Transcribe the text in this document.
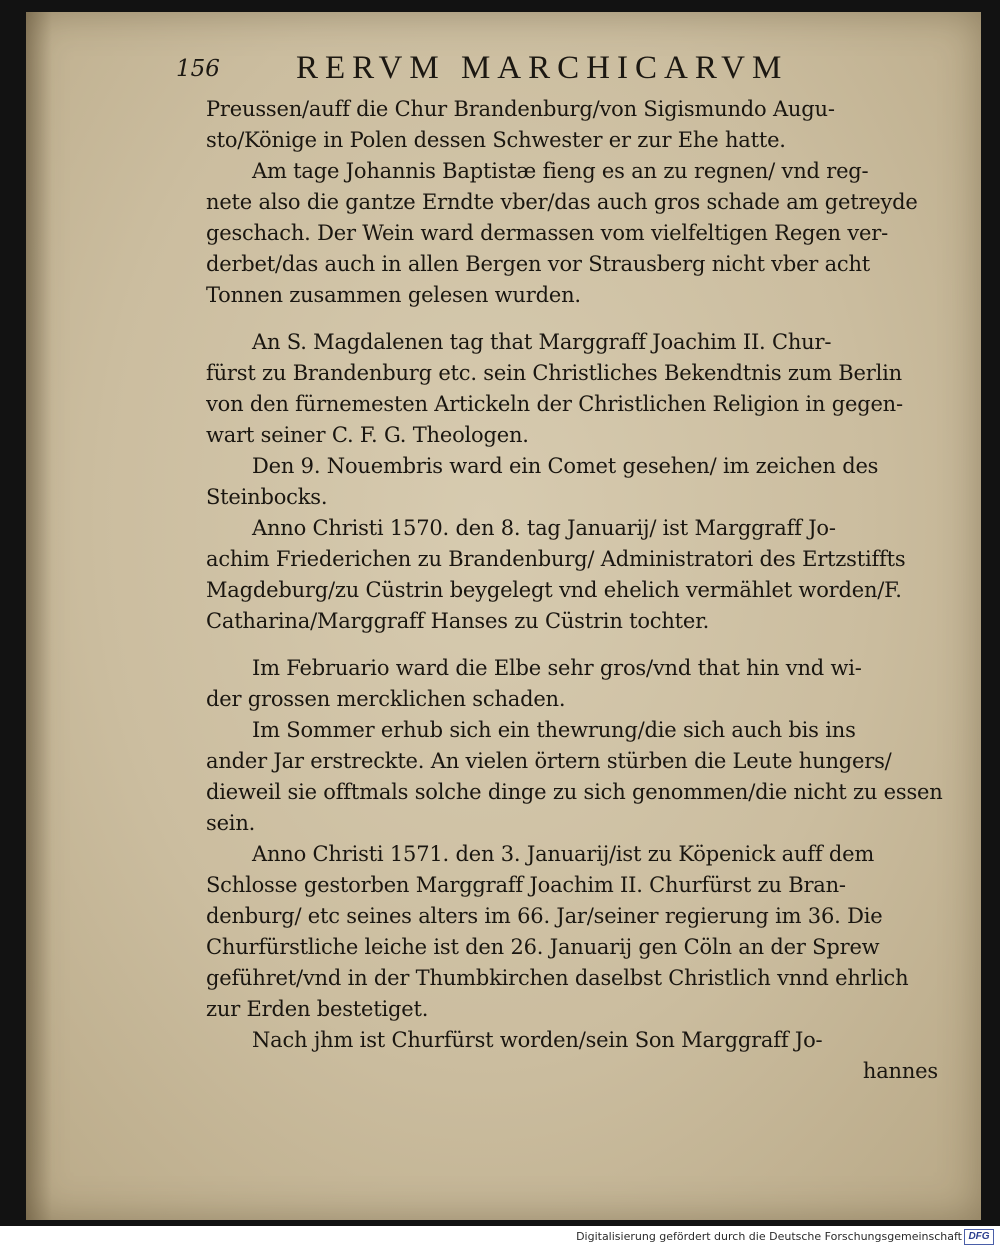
156 RERVM MARCHICARVM
Preussen/auff die Chur Brandenburg/von Sigismundo Augu-
sto/Könige in Polen dessen Schwester er zur Ehe hatte.
Am tage Johannis Baptistæ fieng es an zu regnen/ vnd reg-
nete also die gantze Erndte vber/das auch gros schade am getreyde
geschach. Der Wein ward dermassen vom vielfeltigen Regen ver-
derbet/das auch in allen Bergen vor Strausberg nicht vber acht
Tonnen zusammen gelesen wurden.
An S. Magdalenen tag that Marggraff Joachim II. Chur-
fürst zu Brandenburg etc. sein Christliches Bekendtnis zum Berlin
von den fürnemesten Artickeln der Christlichen Religion in gegen-
wart seiner C. F. G. Theologen.
Den 9. Nouembris ward ein Comet gesehen/ im zeichen des
Steinbocks.
Anno Christi 1570. den 8. tag Januarij/ ist Marggraff Jo-
achim Friederichen zu Brandenburg/ Administratori des Ertzstiffts
Magdeburg/zu Cüstrin beygelegt vnd ehelich vermählet worden/F.
Catharina/Marggraff Hanses zu Cüstrin tochter.
Im Februario ward die Elbe sehr gros/vnd that hin vnd wi-
der grossen mercklichen schaden.
Im Sommer erhub sich ein thewrung/die sich auch bis ins
ander Jar erstreckte. An vielen örtern stürben die Leute hungers/
dieweil sie offtmals solche dinge zu sich genommen/die nicht zu essen
sein.
Anno Christi 1571. den 3. Januarij/ist zu Köpenick auff dem
Schlosse gestorben Marggraff Joachim II. Churfürst zu Bran-
denburg/ etc seines alters im 66. Jar/seiner regierung im 36. Die
Churfürstliche leiche ist den 26. Januarij gen Cöln an der Sprew
geführet/vnd in der Thumbkirchen daselbst Christlich vnnd ehrlich
zur Erden bestetiget.
Nach jhm ist Churfürst worden/sein Son Marggraff Jo-
hannes
Digitalisierung gefördert durch die Deutsche Forschungsgemeinschaft DFG
